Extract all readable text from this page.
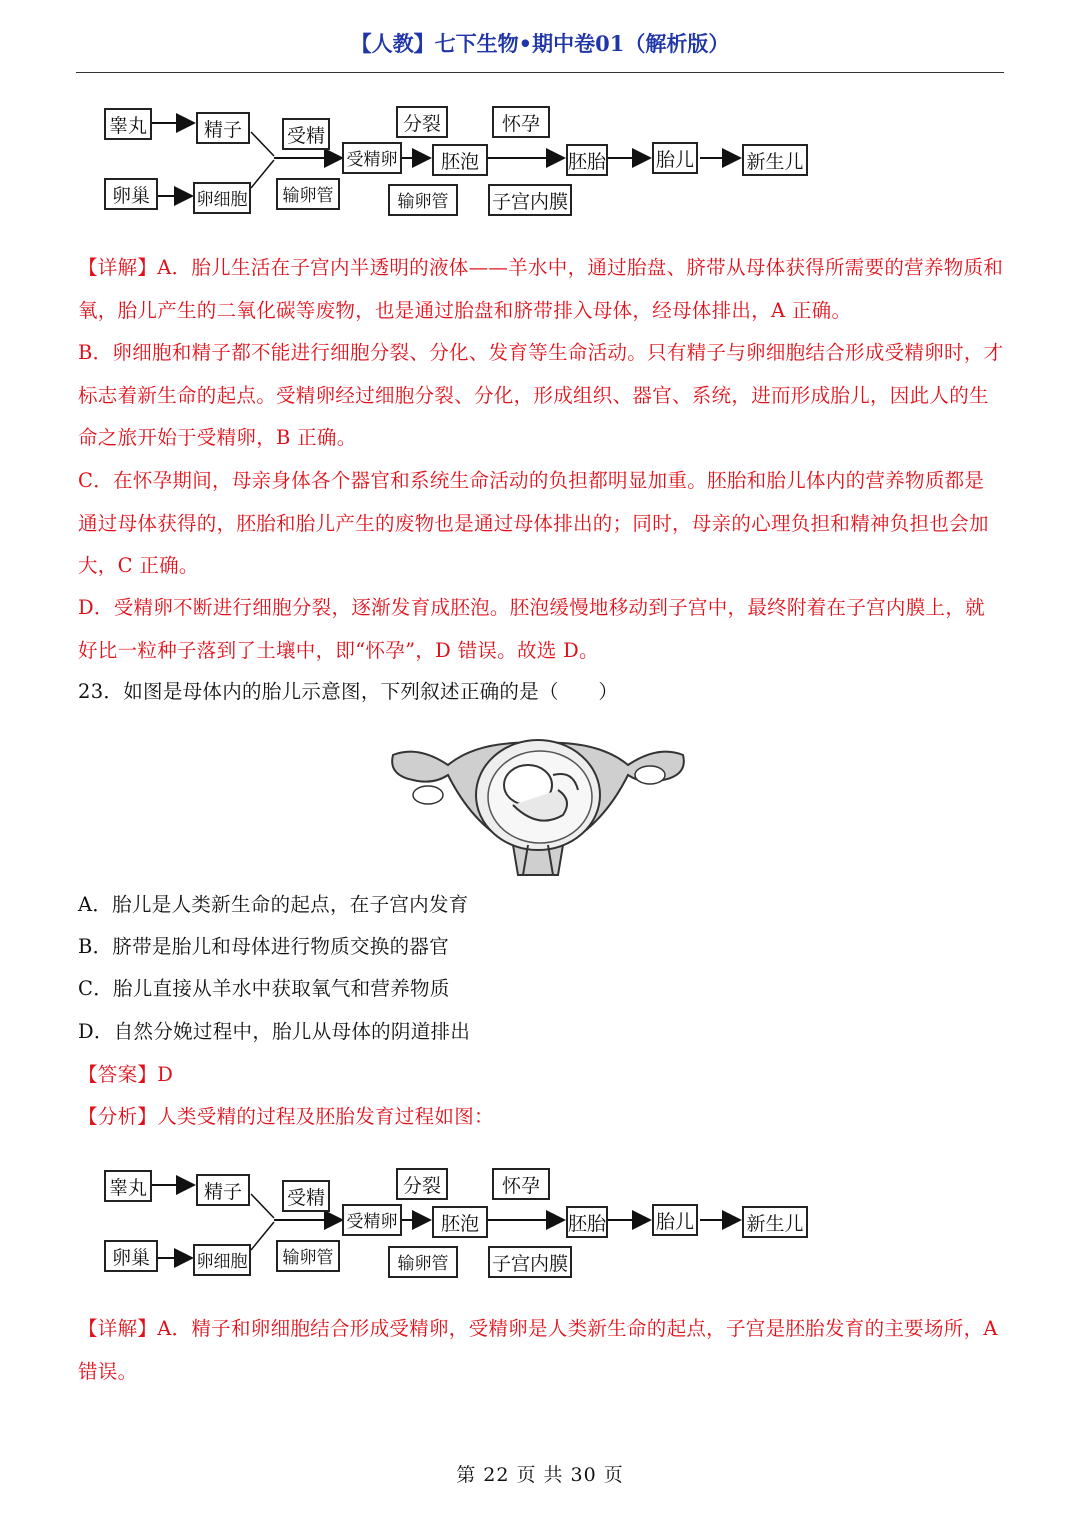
【人教】七下生物•期中卷01（解析版）
睾丸	精子
卵巢	卵细胞
受精
输卵管
受精卵
分裂
胚泡
输卵管
怀孕
子宫内膜
胚胎	胎儿	新生儿

【详解】A．胎儿生活在子宫内半透明的液体——羊水中，通过胎盘、脐带从母体获得所需要的营养物质和氧，胎儿产生的二氧化碳等废物，也是通过胎盘和脐带排入母体，经母体排出，A 正确。

B．卵细胞和精子都不能进行细胞分裂、分化、发育等生命活动。只有精子与卵细胞结合形成受精卵时，才标志着新生命的起点。受精卵经过细胞分裂、分化，形成组织、器官、系统，进而形成胎儿，因此人的生命之旅开始于受精卵，B 正确。

C．在怀孕期间，母亲身体各个器官和系统生命活动的负担都明显加重。胚胎和胎儿体内的营养物质都是通过母体获得的，胚胎和胎儿产生的废物也是通过母体排出的；同时，母亲的心理负担和精神负担也会加大，C 正确。

D．受精卵不断进行细胞分裂，逐渐发育成胚泡。胚泡缓慢地移动到子宫中，最终附着在子宫内膜上，就好比一粒种子落到了土壤中，即“怀孕”，D 错误。故选 D。

23．如图是母体内的胎儿示意图，下列叙述正确的是（　　）

A．胎儿是人类新生命的起点，在子宫内发育

B．脐带是胎儿和母体进行物质交换的器官

C．胎儿直接从羊水中获取氧气和营养物质

D．自然分娩过程中，胎儿从母体的阴道排出

【答案】D

【分析】人类受精的过程及胚胎发育过程如图：

睾丸	精子
卵巢	卵细胞
受精
输卵管
受精卵
分裂
胚泡
输卵管
怀孕
子宫内膜
胚胎	胎儿	新生儿

【详解】A．精子和卵细胞结合形成受精卵，受精卵是人类新生命的起点，子宫是胚胎发育的主要场所，A 错误。

第 22 页 共 30 页
